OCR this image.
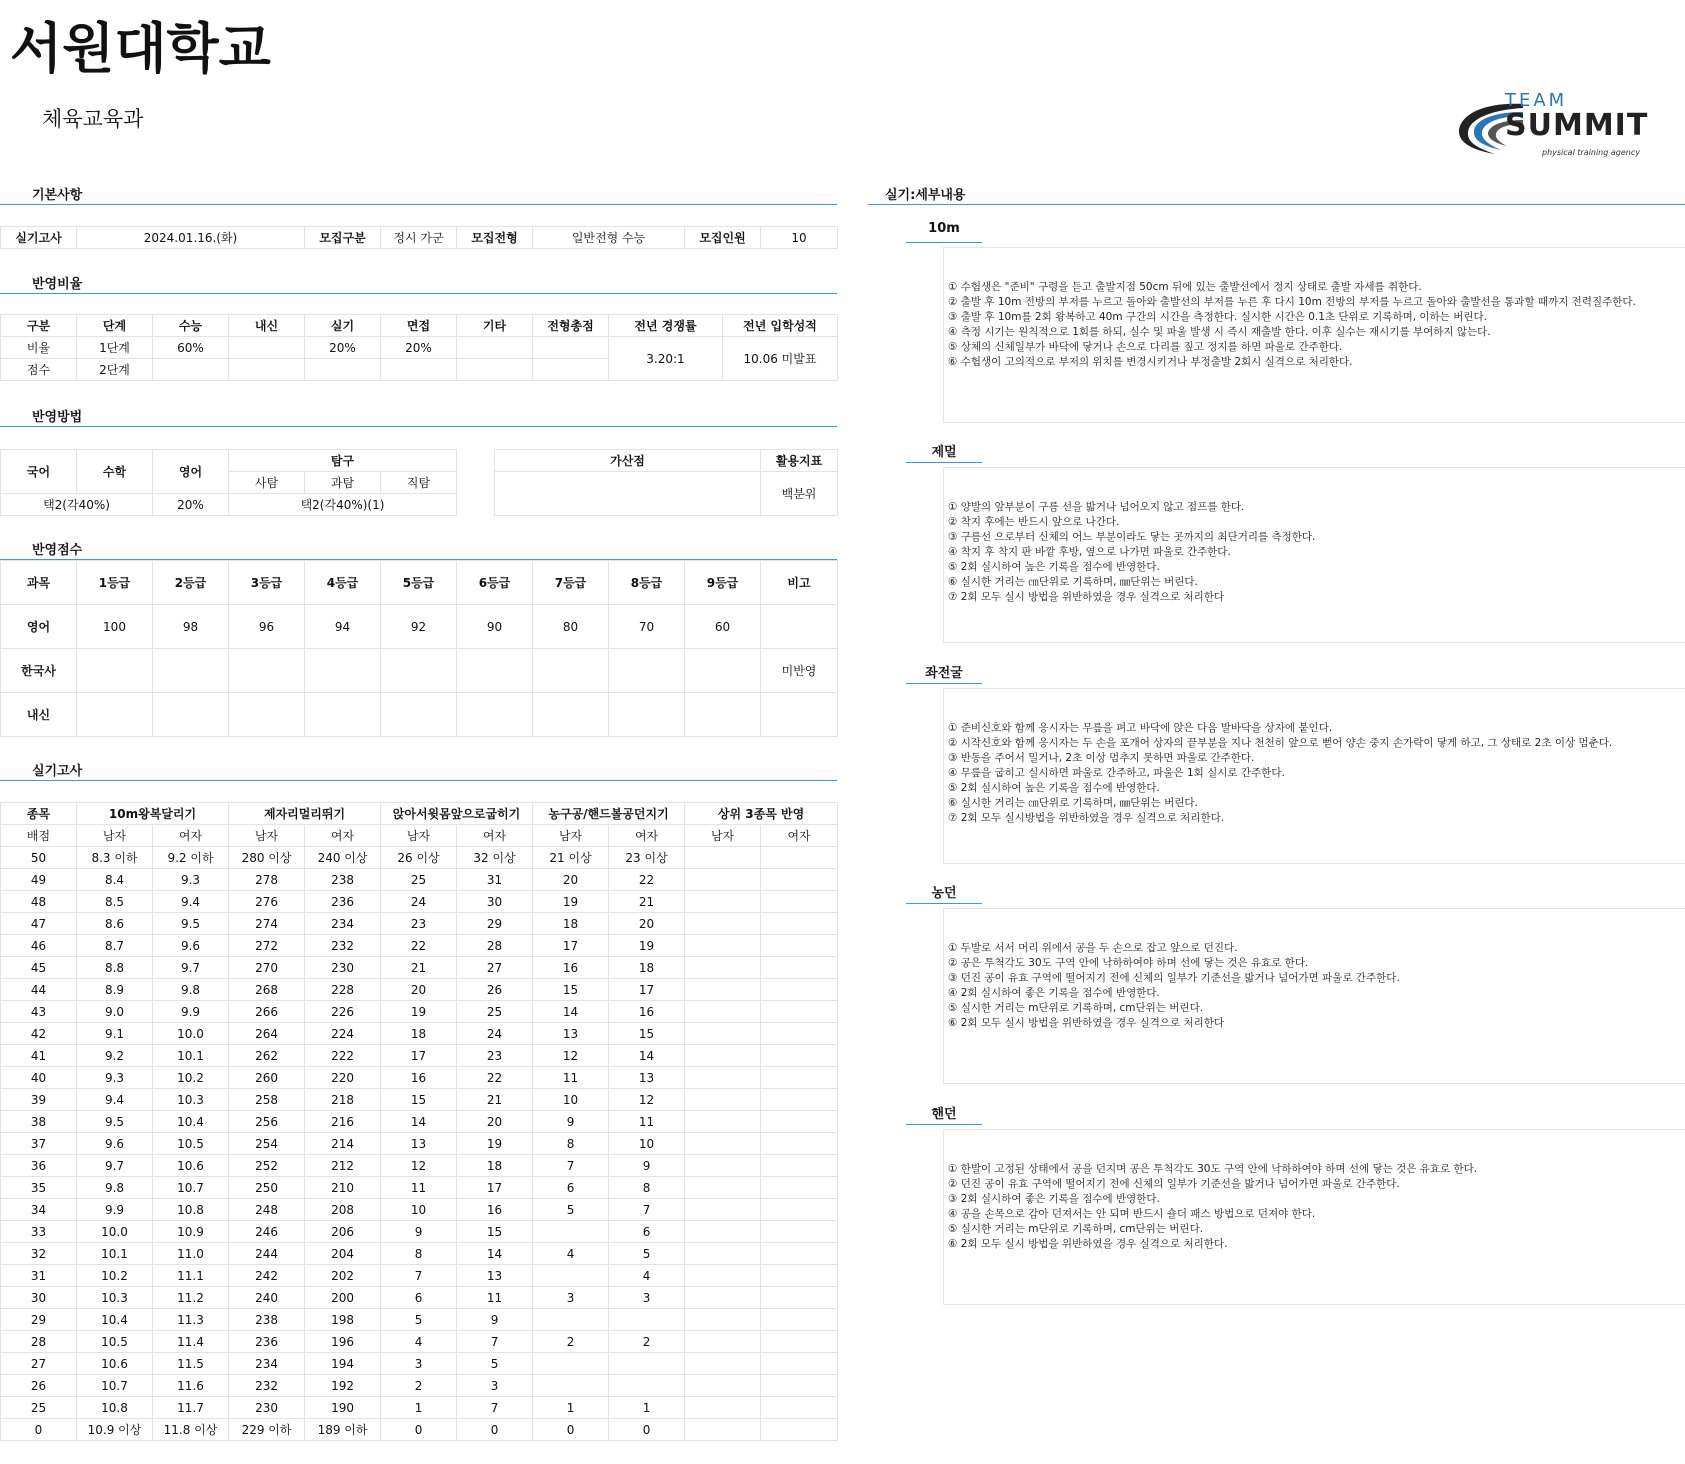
서원대학교
체육교육과
TEAM
SUMMIT
physical training agency
기본사항
실기고사	2024.01.16.(화)	모집구분	정시 가군	모집전형	일반전형 수능	모집인원	10
반영비율
구분	단계	수능	내신	실기	면접	기타	전형총점	전년 경쟁률	전년 입학성적
비율	1단계	60%		20%	20%			3.20:1	10.06 미발표
점수	2단계								
반영방법
국어	수학	영어	탐구		
			사탐	과탐	직탐
택2(각40%)		20%	택2(각40%)(1)		
가산점	활용지표
	백분위
반영점수
과목	1등급	2등급	3등급	4등급	5등급	6등급	7등급	8등급	9등급	비고
영어	100	98	96	94	92	90	80	70	60	
한국사										미반영
내신										
실기고사
종목	10m왕복달리기		제자리멀리뛰기		앉아서윗몸앞으로굽히기		농구공/핸드볼공던지기		상위 3종목 반영	
배점	남자	여자	남자	여자	남자	여자	남자	여자	남자	여자
50	8.3 이하	9.2 이하	280 이상	240 이상	26 이상	32 이상	21 이상	23 이상		
49	8.4	9.3	278	238	25	31	20	22		
48	8.5	9.4	276	236	24	30	19	21		
47	8.6	9.5	274	234	23	29	18	20		
46	8.7	9.6	272	232	22	28	17	19		
45	8.8	9.7	270	230	21	27	16	18		
44	8.9	9.8	268	228	20	26	15	17		
43	9.0	9.9	266	226	19	25	14	16		
42	9.1	10.0	264	224	18	24	13	15		
41	9.2	10.1	262	222	17	23	12	14		
40	9.3	10.2	260	220	16	22	11	13		
39	9.4	10.3	258	218	15	21	10	12		
38	9.5	10.4	256	216	14	20	9	11		
37	9.6	10.5	254	214	13	19	8	10		
36	9.7	10.6	252	212	12	18	7	9		
35	9.8	10.7	250	210	11	17	6	8		
34	9.9	10.8	248	208	10	16	5	7		
33	10.0	10.9	246	206	9	15		6		
32	10.1	11.0	244	204	8	14	4	5		
31	10.2	11.1	242	202	7	13		4		
30	10.3	11.2	240	200	6	11	3	3		
29	10.4	11.3	238	198	5	9				
28	10.5	11.4	236	196	4	7	2	2		
27	10.6	11.5	234	194	3	5				
26	10.7	11.6	232	192	2	3				
25	10.8	11.7	230	190	1	7	1	1		
0	10.9 이상	11.8 이상	229 이하	189 이하	0	0	0	0		
실기:세부내용
10m
① 수험생은 "준비" 구령을 듣고 출발지점 50cm 뒤에 있는 출발선에서 정지 상태로 출발 자세를 취한다.
② 출발 후 10m 전방의 부저를 누르고 돌아와 출발선의 부저를 누른 후 다시 10m 전방의 부저를 누르고 돌아와 출발선을 통과할 때까지 전력질주한다.
③ 출발 후 10m를 2회 왕복하고 40m 구간의 시간을 측정한다. 실시한 시간은 0.1초 단위로 기록하며, 이하는 버린다.
④ 측정 시기는 원칙적으로 1회를 하되, 실수 및 파울 발생 시 즉시 재출발 한다. 이후 실수는 재시기를 부여하지 않는다.
⑤ 상체의 신체일부가 바닥에 닿거나 손으로 다리를 짚고 정지를 하면 파울로 간주한다.
⑥ 수험생이 고의적으로 부저의 위치를 변경시키거나 부정출발 2회시 실격으로 처리한다.
제멀
① 양발의 앞부분이 구름 선을 밟거나 넘어오지 않고 점프를 한다.
② 착지 후에는 반드시 앞으로 나간다.
③ 구름선 으로부터 신체의 어느 부분이라도 닿는 곳까지의 최단거리를 측정한다.
④ 착지 후 착지 판 바깥 후방, 옆으로 나가면 파울로 간주한다.
⑤ 2회 실시하여 높은 기록을 점수에 반영한다.
⑥ 실시한 거리는 ㎝단위로 기록하며, ㎜단위는 버린다.
⑦ 2회 모두 실시 방법을 위반하였을 경우 실격으로 처리한다
좌전굴
① 준비신호와 함께 응시자는 무릎을 펴고 바닥에 앉은 다음 발바닥을 상자에 붙인다.
② 시작신호와 함께 응시자는 두 손을 포개어 상자의 끝부분을 지나 천천히 앞으로 뻗어 양손 중지 손가락이 닿게 하고, 그 상태로 2초 이상 멈춘다.
③ 반동을 주어서 밀거나, 2초 이상 멈추지 못하면 파울로 간주한다.
④ 무릎을 굽히고 실시하면 파울로 간주하고, 파울은 1회 실시로 간주한다.
⑤ 2회 실시하여 높은 기록을 점수에 반영한다.
⑥ 실시한 거리는 ㎝단위로 기록하며, ㎜단위는 버린다.
⑦ 2회 모두 실시방법을 위반하였을 경우 실격으로 처리한다.
농던
① 두발로 서서 머리 위에서 공을 두 손으로 잡고 앞으로 던진다.
② 공은 투척각도 30도 구역 안에 낙하하여야 하며 선에 닿는 것은 유효로 한다.
③ 던진 공이 유효 구역에 떨어지기 전에 신체의 일부가 기준선을 밟거나 넘어가면 파울로 간주한다.
④ 2회 실시하여 좋은 기록을 점수에 반영한다.
⑤ 실시한 거리는 m단위로 기록하며, cm단위는 버린다.
⑥ 2회 모두 실시 방법을 위반하였을 경우 실격으로 처리한다
핸던
① 한발이 고정된 상태에서 공을 던지며 공은 투척각도 30도 구역 안에 낙하하여야 하며 선에 닿는 것은 유효로 한다.
② 던진 공이 유효 구역에 떨어지기 전에 신체의 일부가 기준선을 밟거나 넘어가면 파울로 간주한다.
③ 2회 실시하여 좋은 기록을 점수에 반영한다.
④ 공을 손목으로 감아 던져서는 안 되며 반드시 숄더 패스 방법으로 던져야 한다.
⑤ 실시한 거리는 m단위로 기록하며, cm단위는 버린다.
⑥ 2회 모두 실시 방법을 위반하였을 경우 실격으로 처리한다.
